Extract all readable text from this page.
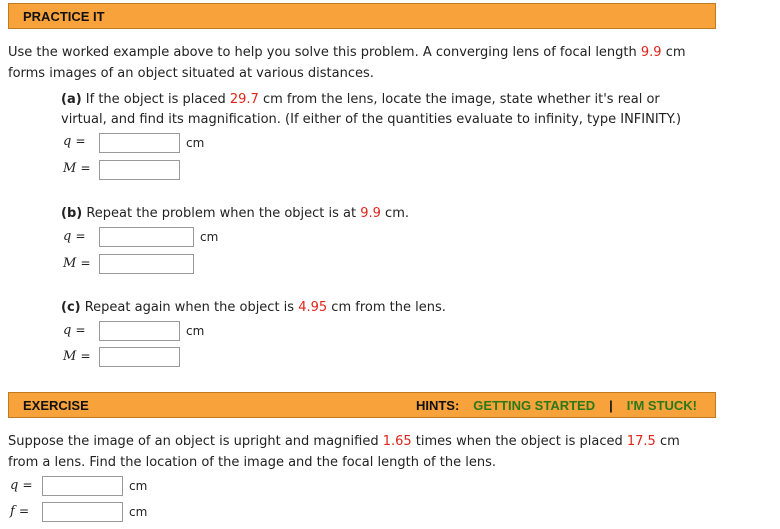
PRACTICE IT
Use the worked example above to help you solve this problem. A converging lens of focal length 9.9 cm
forms images of an object situated at various distances.
(a) If the object is placed 29.7 cm from the lens, locate the image, state whether it's real or
virtual, and find its magnification. (If either of the quantities evaluate to infinity, type INFINITY.)
q =	cm
M =
(b) Repeat the problem when the object is at 9.9 cm.
q =	cm
M =
(c) Repeat again when the object is 4.95 cm from the lens.
q =	cm
M =
EXERCISE	HINTS: GETTING STARTED | I'M STUCK!
Suppose the image of an object is upright and magnified 1.65 times when the object is placed 17.5 cm
from a lens. Find the location of the image and the focal length of the lens.
q =	cm
f =	cm
